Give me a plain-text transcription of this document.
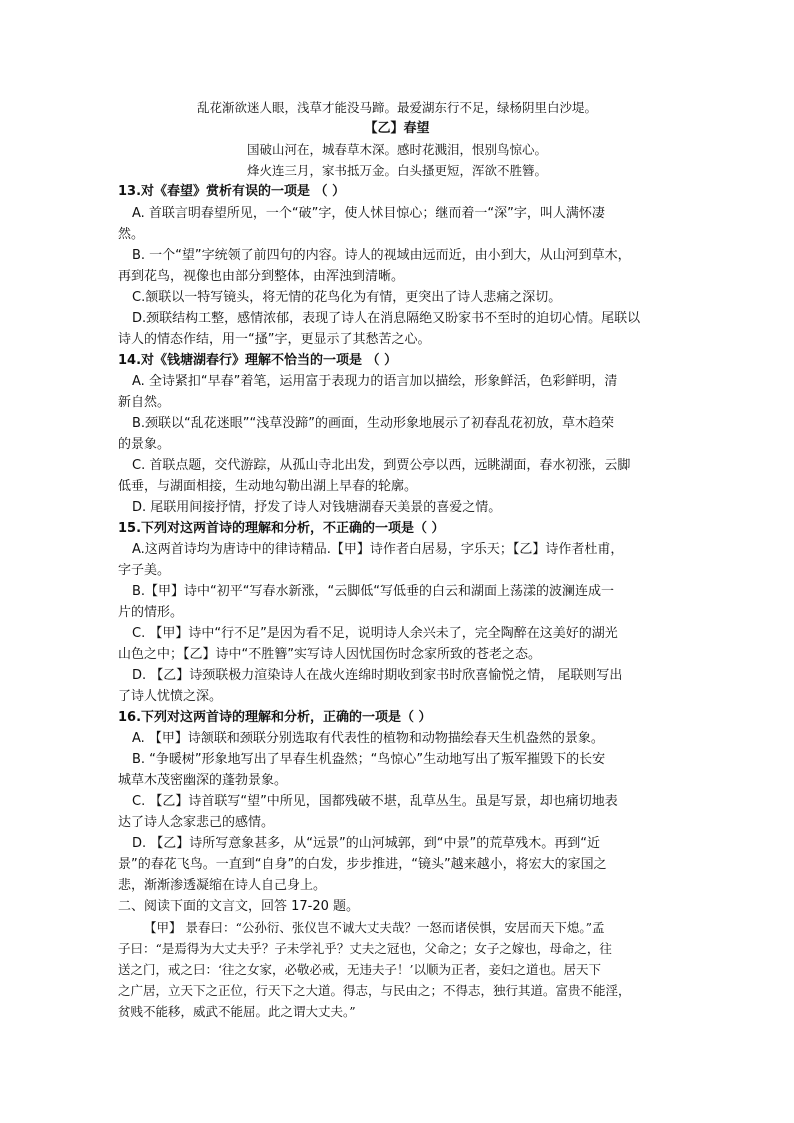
乱花渐欲迷人眼，浅草才能没马蹄。最爱湖东行不足，绿杨阴里白沙堤。
【乙】春望
国破山河在，城春草木深。感时花溅泪，恨别鸟惊心。
烽火连三月，家书抵万金。白头搔更短，浑欲不胜簪。
13.对《春望》赏析有误的一项是 （ ）
A. 首联言明春望所见，一个“破”字，使人怵目惊心；继而着一“深”字，叫人满怀凄
然。
B. 一个“望”字统领了前四句的内容。诗人的视域由远而近，由小到大，从山河到草木，
再到花鸟，视像也由部分到整体，由浑浊到清晰。
C.颔联以一特写镜头，将无情的花鸟化为有情，更突出了诗人悲痛之深切。
D.颈联结构工整，感情浓郁，表现了诗人在消息隔绝又盼家书不至时的迫切心情。尾联以
诗人的情态作结，用一“搔”字，更显示了其愁苦之心。
14.对《钱塘湖春行》理解不恰当的一项是 （ ）
A. 全诗紧扣“早春”着笔，运用富于表现力的语言加以描绘，形象鲜活，色彩鲜明，清
新自然。
B.颈联以“乱花迷眼”“浅草没蹄”的画面，生动形象地展示了初春乱花初放，草木趋荣
的景象。
C. 首联点题，交代游踪，从孤山寺北出发，到贾公亭以西，远眺湖面，春水初涨，云脚
低垂，与湖面相接，生动地勾勒出湖上早春的轮廓。
D. 尾联用间接抒情，抒发了诗人对钱塘湖春天美景的喜爱之情。
15.下列对这两首诗的理解和分析，不正确的一项是（ ）
A.这两首诗均为唐诗中的律诗精品.【甲】诗作者白居易，字乐天；【乙】诗作者杜甫，
字子美。
B.【甲】诗中“初平“写春水新涨，“云脚低“写低垂的白云和湖面上荡漾的波澜连成一
片的情形。
C. 【甲】诗中“行不足”是因为看不足，说明诗人余兴未了，完全陶醉在这美好的湖光
山色之中；【乙】诗中“不胜簪”实写诗人因忧国伤时念家所致的苍老之态。
D. 【乙】诗颈联极力渲染诗人在战火连绵时期收到家书时欣喜愉悦之情， 尾联则写出
了诗人忧愤之深。
16.下列对这两首诗的理解和分析，正确的一项是（ ）
A. 【甲】诗颔联和颈联分别选取有代表性的植物和动物描绘春天生机盎然的景象。
B. “争暖树”形象地写出了早春生机盎然；“鸟惊心”生动地写出了叛军摧毁下的长安
城草木茂密幽深的蓬勃景象。
C. 【乙】诗首联写“望”中所见，国都残破不堪，乱草丛生。虽是写景，却也痛切地表
达了诗人念家悲己的感情。
D. 【乙】诗所写意象甚多，从“远景”的山河城郭，到“中景”的荒草残木。再到“近
景”的春花飞鸟。一直到“自身”的白发，步步推进，“镜头”越来越小，将宏大的家国之
悲，渐渐渗透凝缩在诗人自己身上。
二、阅读下面的文言文，回答 17-20 题。
【甲】 景春曰：“公孙衍、张仪岂不诚大丈夫哉？一怒而诸侯惧，安居而天下熄。”孟
子曰：“是焉得为大丈夫乎？子未学礼乎？丈夫之冠也，父命之；女子之嫁也，母命之，往
送之门，戒之曰：‘往之女家，必敬必戒，无违夫子！’以顺为正者，妾妇之道也。居天下
之广居，立天下之正位，行天下之大道。得志，与民由之；不得志，独行其道。富贵不能淫，
贫贱不能移，威武不能屈。此之谓大丈夫。”
